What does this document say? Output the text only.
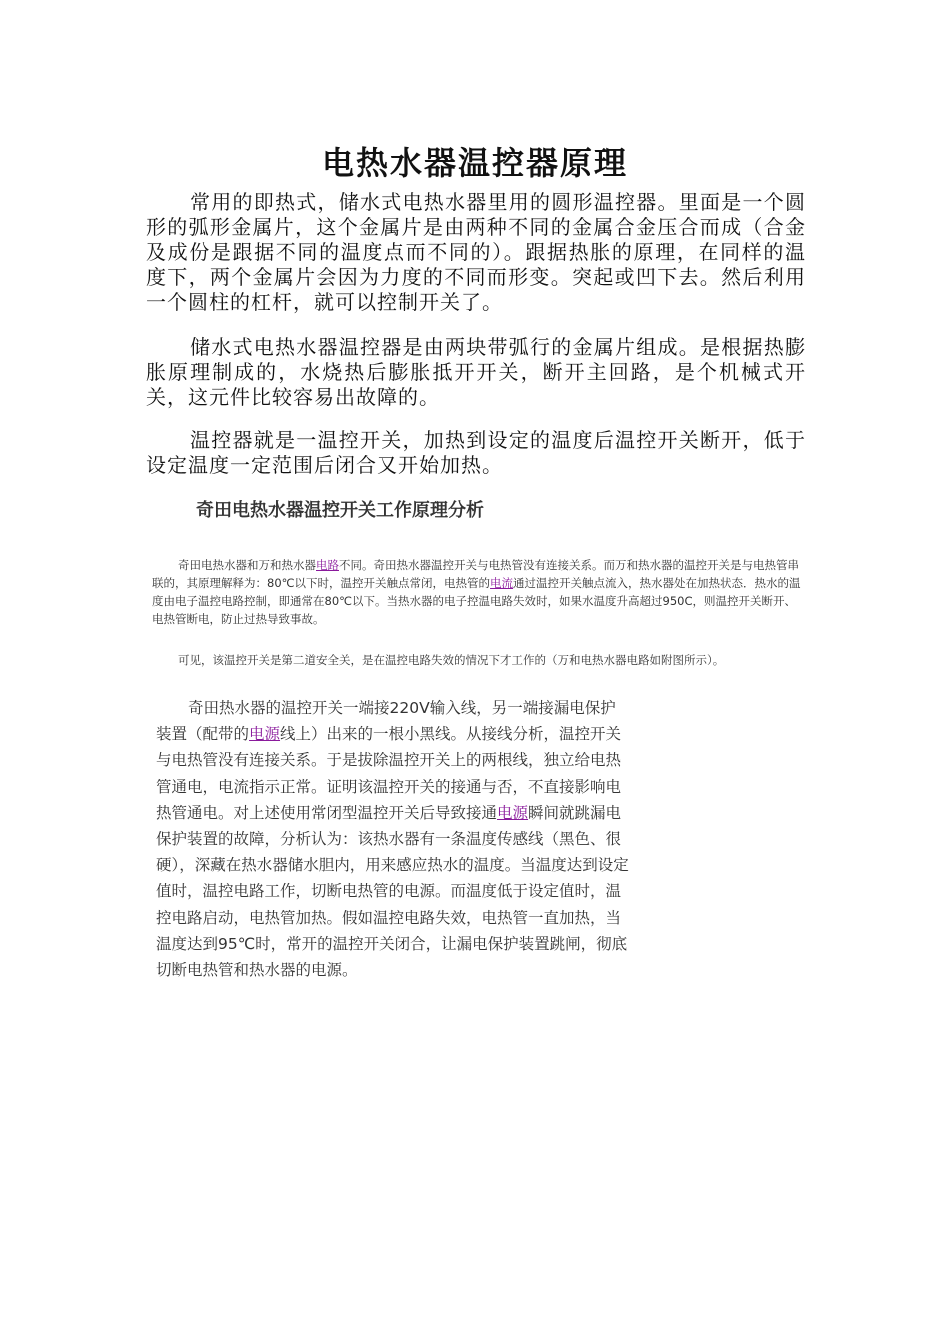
电热水器温控器原理

常用的即热式，储水式电热水器里用的圆形温控器。里面是一个圆形的弧形金属片，这个金属片是由两种不同的金属合金压合而成（合金及成份是跟据不同的温度点而不同的）。跟据热胀的原理，在同样的温度下，两个金属片会因为力度的不同而形变。突起或凹下去。然后利用一个圆柱的杠杆，就可以控制开关了。

储水式电热水器温控器是由两块带弧行的金属片组成。是根据热膨胀原理制成的，水烧热后膨胀抵开开关，断开主回路，是个机械式开关，这元件比较容易出故障的。

温控器就是一温控开关，加热到设定的温度后温控开关断开，低于设定温度一定范围后闭合又开始加热。

奇田电热水器温控开关工作原理分析

奇田电热水器和万和热水器电路不同。奇田热水器温控开关与电热管没有连接关系。而万和热水器的温控开关是与电热管串联的，其原理解释为：80℃以下时，温控开关触点常闭，电热管的电流通过温控开关触点流入，热水器处在加热状态．热水的温度由电子温控电路控制，即通常在80℃以下。当热水器的电子控温电路失效时，如果水温度升高超过950C，则温控开关断开、电热管断电，防止过热导致事故。

可见，该温控开关是第二道安全关，是在温控电路失效的情况下才工作的（万和电热水器电路如附图所示）。

奇田热水器的温控开关一端接220V输入线，另一端接漏电保护装置（配带的电源线上）出来的一根小黑线。从接线分析，温控开关与电热管没有连接关系。于是拔除温控开关上的两根线，独立给电热管通电，电流指示正常。证明该温控开关的接通与否，不直接影响电热管通电。对上述使用常闭型温控开关后导致接通电源瞬间就跳漏电保护装置的故障，分析认为：该热水器有一条温度传感线（黑色、很硬），深藏在热水器储水胆内，用来感应热水的温度。当温度达到设定值时，温控电路工作，切断电热管的电源。而温度低于设定值时，温控电路启动，电热管加热。假如温控电路失效，电热管一直加热，当温度达到95℃时，常开的温控开关闭合，让漏电保护装置跳闸，彻底切断电热管和热水器的电源。
